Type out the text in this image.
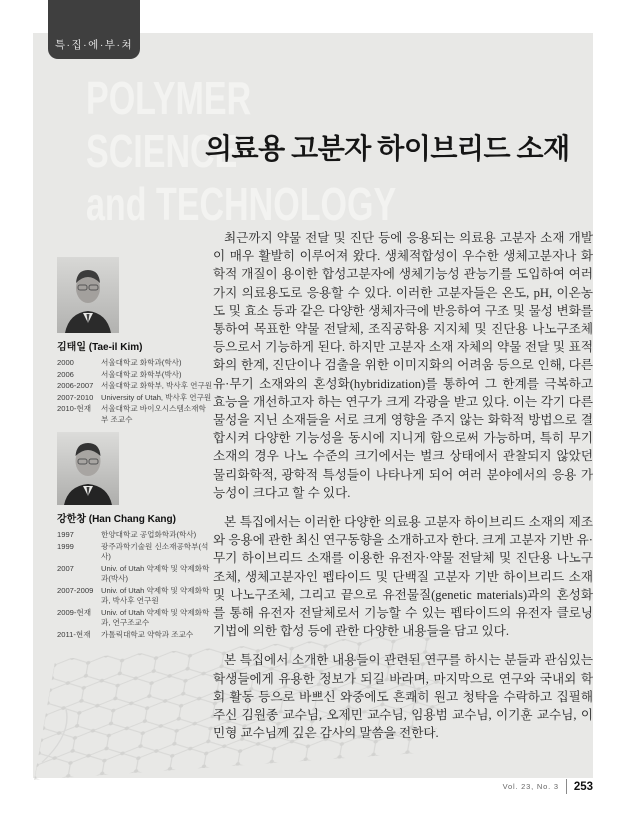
특·집·에·부·쳐
POLYMER
SCIENCE
and TECHNOLOGY
의료용 고분자 하이브리드 소재
김태일 (Tae-il Kim)
2000	서울대학교 화학과(학사)
2006	서울대학교 화학부(박사)
2006-2007	서울대학교 화학부, 박사후 연구원
2007-2010	University of Utah, 박사후 연구원
2010-현재	서울대학교 바이오시스템소재학부 조교수
강한창 (Han Chang Kang)
1997	한양대학교 공업화학과(학사)
1999	광주과학기술원 신소재공학부(석사)
2007	Univ. of Utah 약제학 및 약제화학과(박사)
2007-2009	Univ. of Utah 약제학 및 약제화학과, 박사후 연구원
2009-현재	Univ. of Utah 약제학 및 약제화학과, 연구조교수
2011-현재	가톨릭대학교 약학과 조교수

최근까지 약물 전달 및 진단 등에 응용되는 의료용 고분자 소재 개발이 매우 활발히 이루어져 왔다. 생체적합성이 우수한 생체고분자나 화학적 개질이 용이한 합성고분자에 생체기능성 관능기를 도입하여 여러 가지 의료용도로 응용할 수 있다. 이러한 고분자들은 온도, pH, 이온농도 및 효소 등과 같은 다양한 생체자극에 반응하여 구조 및 물성 변화를 통하여 목표한 약물 전달체, 조직공학용 지지체 및 진단용 나노구조체 등으로서 기능하게 된다. 하지만 고분자 소재 자체의 약물 전달 및 표적화의 한계, 진단이나 검출을 위한 이미지화의 어려움 등으로 인해, 다른 유·무기 소재와의 혼성화(hybridization)를 통하여 그 한계를 극복하고 효능을 개선하고자 하는 연구가 크게 각광을 받고 있다. 이는 각기 다른 물성을 지닌 소재들을 서로 크게 영향을 주지 않는 화학적 방법으로 결합시켜 다양한 기능성을 동시에 지니게 함으로써 가능하며, 특히 무기 소재의 경우 나노 수준의 크기에서는 벌크 상태에서 관찰되지 않았던 물리화학적, 광학적 특성들이 나타나게 되어 여러 분야에서의 응용 가능성이 크다고 할 수 있다.

본 특집에서는 이러한 다양한 의료용 고분자 하이브리드 소재의 제조와 응용에 관한 최신 연구동향을 소개하고자 한다. 크게 고분자 기반 유·무기 하이브리드 소재를 이용한 유전자·약물 전달체 및 진단용 나노구조체, 생체고분자인 펩타이드 및 단백질 고분자 기반 하이브리드 소재 및 나노구조체, 그리고 끝으로 유전물질(genetic materials)과의 혼성화를 통해 유전자 전달체로서 기능할 수 있는 펩타이드의 유전자 클로닝 기법에 의한 합성 등에 관한 다양한 내용들을 담고 있다.

본 특집에서 소개한 내용들이 관련된 연구를 하시는 분들과 관심있는 학생들에게 유용한 정보가 되길 바라며, 마지막으로 연구와 국내외 학회 활동 등으로 바쁘신 와중에도 흔쾌히 원고 청탁을 수락하고 집필해 주신 김원종 교수님, 오제민 교수님, 임용범 교수님, 이기훈 교수님, 이민형 교수님께 깊은 감사의 말씀을 전한다.

Vol. 23, No. 3 253
